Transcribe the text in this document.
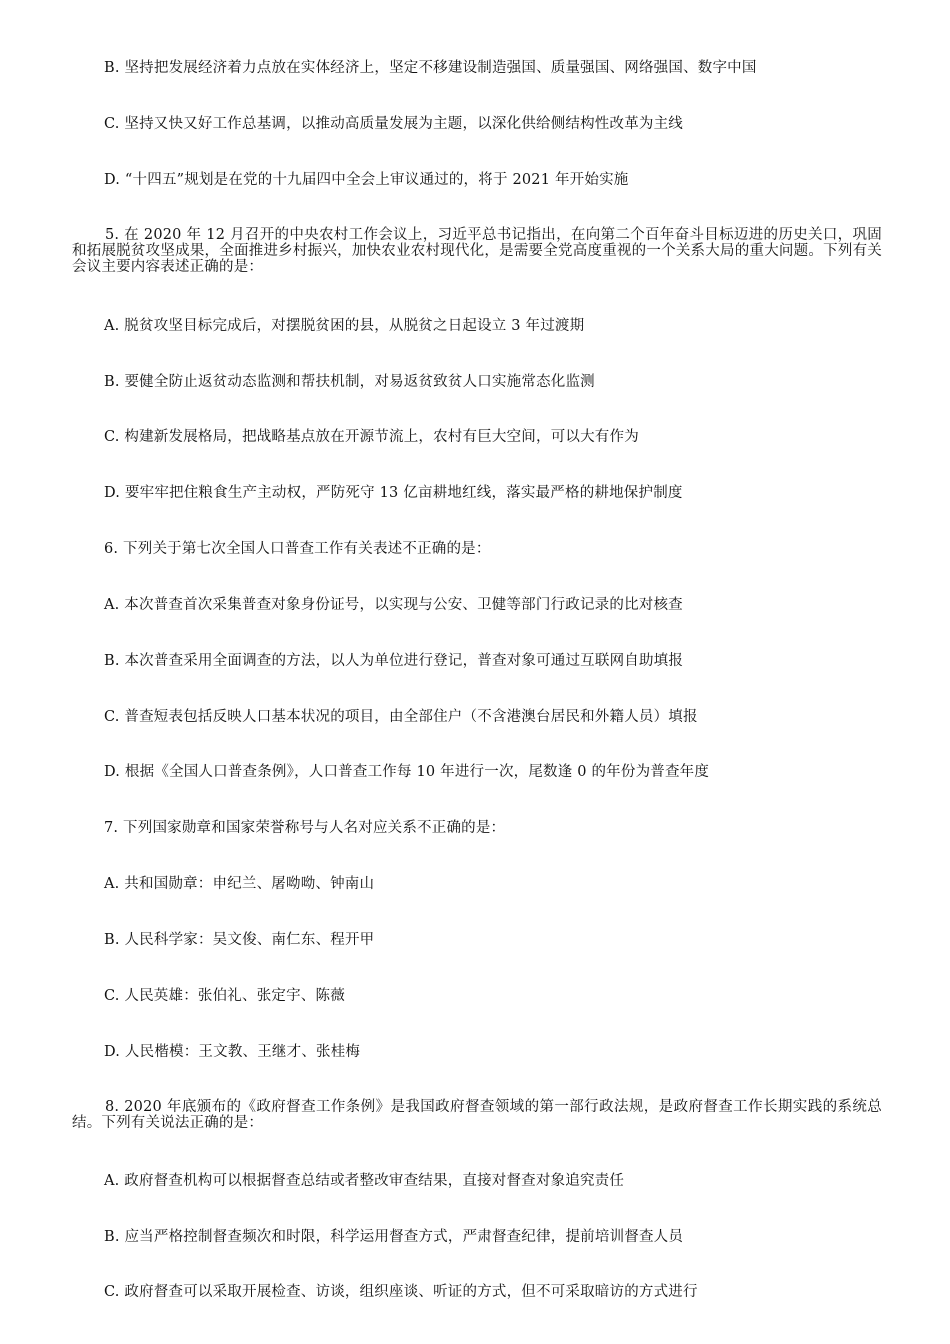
B. 坚持把发展经济着力点放在实体经济上，坚定不移建设制造强国、质量强国、网络强国、数字中国
C. 坚持又快又好工作总基调，以推动高质量发展为主题，以深化供给侧结构性改革为主线
D. “十四五”规划是在党的十九届四中全会上审议通过的，将于 2021 年开始实施
5. 在 2020 年 12 月召开的中央农村工作会议上，习近平总书记指出，在向第二个百年奋斗目标迈进的历史关口，巩固和拓展脱贫攻坚成果，全面推进乡村振兴，加快农业农村现代化，是需要全党高度重视的一个关系大局的重大问题。下列有关会议主要内容表述正确的是：
A. 脱贫攻坚目标完成后，对摆脱贫困的县，从脱贫之日起设立 3 年过渡期
B. 要健全防止返贫动态监测和帮扶机制，对易返贫致贫人口实施常态化监测
C. 构建新发展格局，把战略基点放在开源节流上，农村有巨大空间，可以大有作为
D. 要牢牢把住粮食生产主动权，严防死守 13 亿亩耕地红线，落实最严格的耕地保护制度
6. 下列关于第七次全国人口普查工作有关表述不正确的是：
A. 本次普查首次采集普查对象身份证号，以实现与公安、卫健等部门行政记录的比对核查
B. 本次普查采用全面调查的方法，以人为单位进行登记，普查对象可通过互联网自助填报
C. 普查短表包括反映人口基本状况的项目，由全部住户（不含港澳台居民和外籍人员）填报
D. 根据《全国人口普查条例》，人口普查工作每 10 年进行一次，尾数逢 0 的年份为普查年度
7. 下列国家勋章和国家荣誉称号与人名对应关系不正确的是：
A. 共和国勋章：申纪兰、屠呦呦、钟南山
B. 人民科学家：吴文俊、南仁东、程开甲
C. 人民英雄：张伯礼、张定宇、陈薇
D. 人民楷模：王文教、王继才、张桂梅
8. 2020 年底颁布的《政府督查工作条例》是我国政府督查领域的第一部行政法规，是政府督查工作长期实践的系统总结。下列有关说法正确的是：
A. 政府督查机构可以根据督查总结或者整改审查结果，直接对督查对象追究责任
B. 应当严格控制督查频次和时限，科学运用督查方式，严肃督查纪律，提前培训督查人员
C. 政府督查可以采取开展检查、访谈，组织座谈、听证的方式，但不可采取暗访的方式进行
